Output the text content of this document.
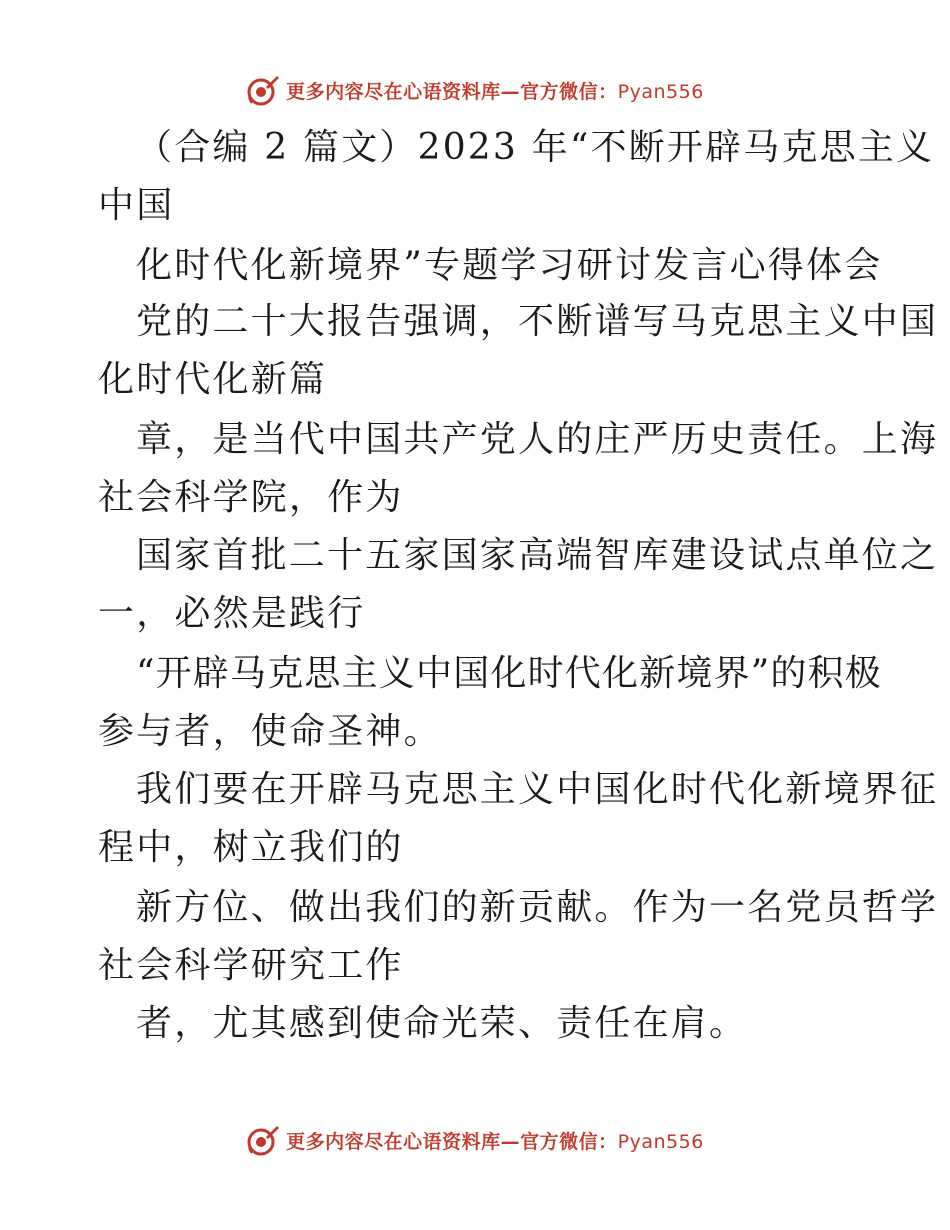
更多内容尽在心语资料库—官方微信：Pyan556
（合编 2 篇文）2023 年“不断开辟马克思主义
中国
化时代化新境界”专题学习研讨发言心得体会
党的二十大报告强调，不断谱写马克思主义中国
化时代化新篇
章，是当代中国共产党人的庄严历史责任。上海
社会科学院，作为
国家首批二十五家国家高端智库建设试点单位之
一，必然是践行
“开辟马克思主义中国化时代化新境界”的积极
参与者，使命圣神。
我们要在开辟马克思主义中国化时代化新境界征
程中，树立我们的
新方位、做出我们的新贡献。作为一名党员哲学
社会科学研究工作
者，尤其感到使命光荣、责任在肩。
更多内容尽在心语资料库—官方微信：Pyan556
